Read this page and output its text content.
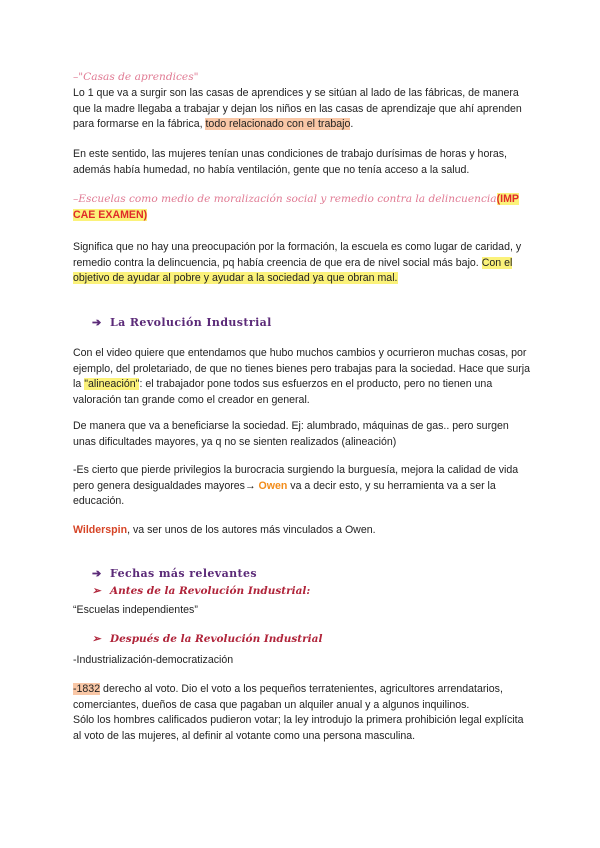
–"Casas de aprendices"

Lo 1 que va a surgir son las casas de aprendices y se sitúan al lado de las fábricas, de manera que la madre llegaba a trabajar y dejan los niños en las casas de aprendizaje que ahí aprenden para formarse en la fábrica, todo relacionado con el trabajo.

En este sentido, las mujeres tenían unas condiciones de trabajo durísimas de horas y horas, además había humedad, no había ventilación, gente que no tenía acceso a la salud.

–Escuelas como medio de moralización social y remedio contra la delincuencia(IMP CAE EXAMEN)

Significa que no hay una preocupación por la formación, la escuela es como lugar de caridad, y remedio contra la delincuencia, pq había creencia de que era de nivel social más bajo. Con el objetivo de ayudar al pobre y ayudar a la sociedad ya que obran mal.

➔ La Revolución Industrial

Con el video quiere que entendamos que hubo muchos cambios y ocurrieron muchas cosas, por ejemplo, del proletariado, de que no tienes bienes pero trabajas para la sociedad. Hace que surja la "alineación": el trabajador pone todos sus esfuerzos en el producto, pero no tienen una valoración tan grande como el creador en general.

De manera que va a beneficiarse la sociedad. Ej: alumbrado, máquinas de gas.. pero surgen unas dificultades mayores, ya q no se sienten realizados (alineación)

-Es cierto que pierde privilegios la burocracia surgiendo la burguesía, mejora la calidad de vida pero genera desigualdades mayores→ Owen va a decir esto, y su herramienta va a ser la educación.

Wilderspin, va ser unos de los autores más vinculados a Owen.

➔ Fechas más relevantes
➢ Antes de la Revolución Industrial:

“Escuelas independientes”

➢ Después de la Revolución Industrial

-Industrialización-democratización

-1832 derecho al voto. Dio el voto a los pequeños terratenientes, agricultores arrendatarios, comerciantes, dueños de casa que pagaban un alquiler anual y a algunos inquilinos.
Sólo los hombres calificados pudieron votar; la ley introdujo la primera prohibición legal explícita al voto de las mujeres, al definir al votante como una persona masculina.
